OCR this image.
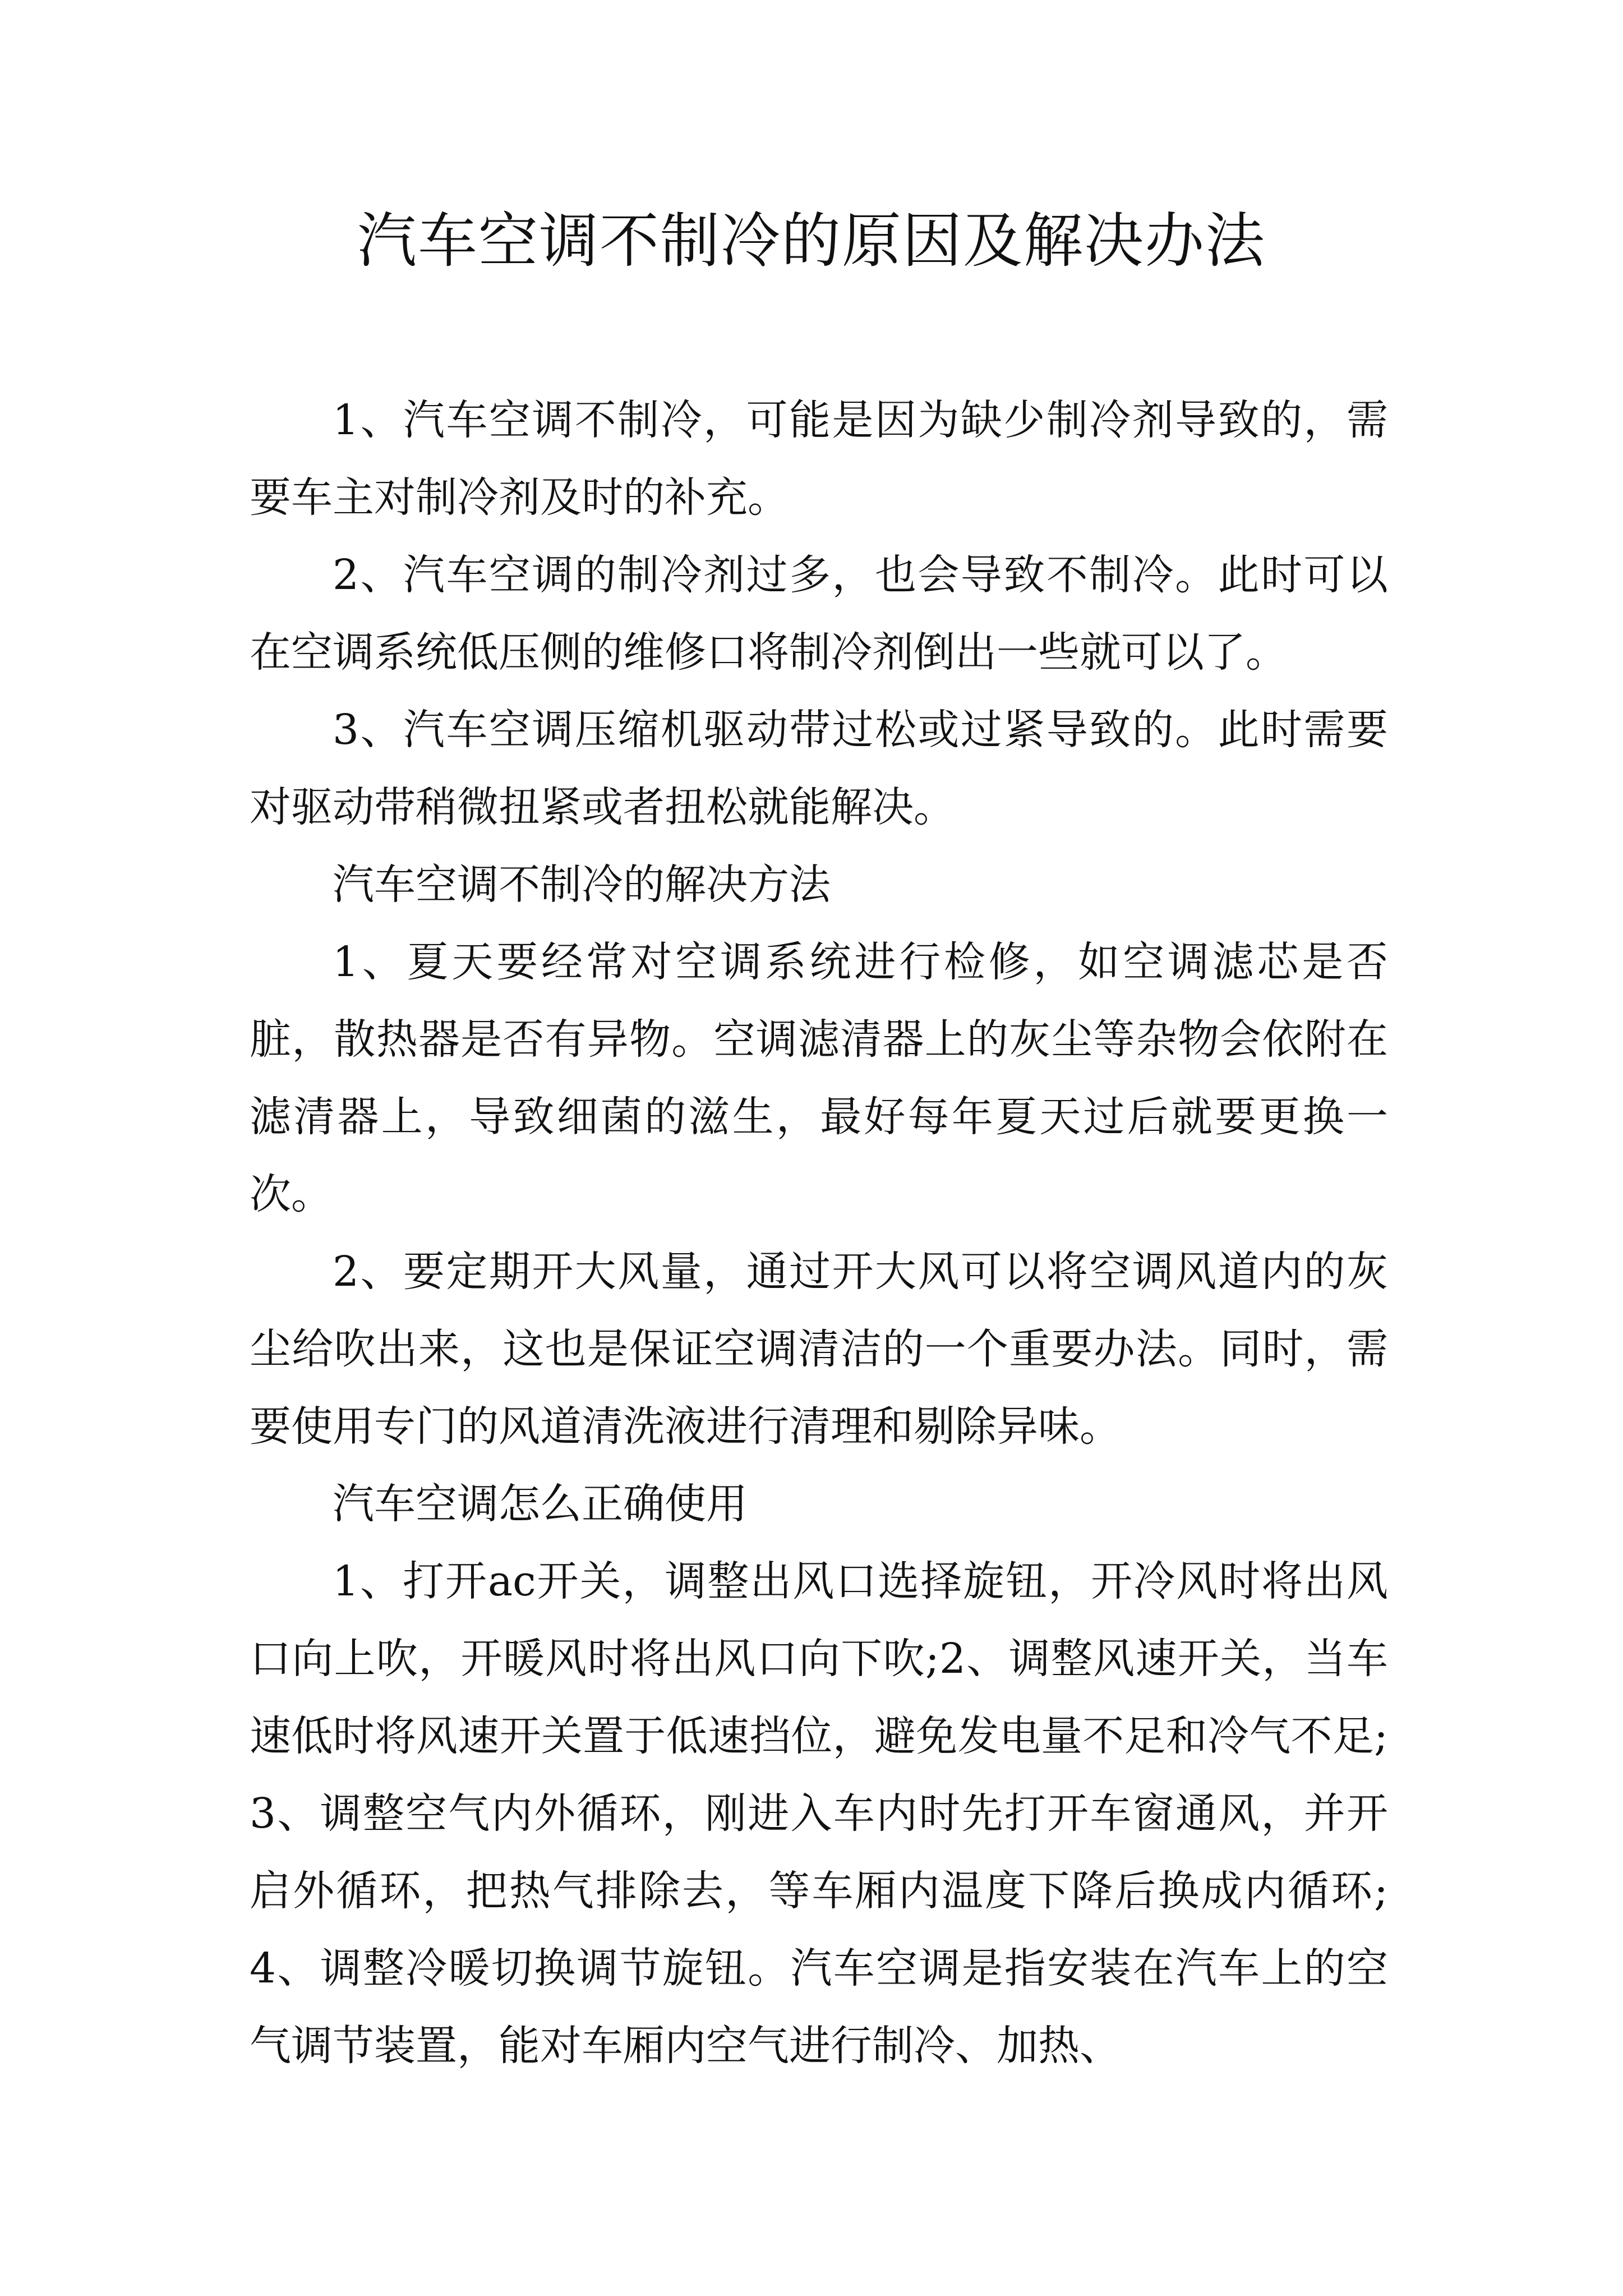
汽车空调不制冷的原因及解决办法

1、汽车空调不制冷，可能是因为缺少制冷剂导致的，需要车主对制冷剂及时的补充。

2、汽车空调的制冷剂过多，也会导致不制冷。此时可以在空调系统低压侧的维修口将制冷剂倒出一些就可以了。

3、汽车空调压缩机驱动带过松或过紧导致的。此时需要对驱动带稍微扭紧或者扭松就能解决。

汽车空调不制冷的解决方法

1、夏天要经常对空调系统进行检修，如空调滤芯是否脏，散热器是否有异物。空调滤清器上的灰尘等杂物会依附在滤清器上，导致细菌的滋生，最好每年夏天过后就要更换一次。

2、要定期开大风量，通过开大风可以将空调风道内的灰尘给吹出来，这也是保证空调清洁的一个重要办法。同时，需要使用专门的风道清洗液进行清理和剔除异味。

汽车空调怎么正确使用

1、打开ac开关，调整出风口选择旋钮，开冷风时将出风口向上吹，开暖风时将出风口向下吹;2、调整风速开关，当车速低时将风速开关置于低速挡位，避免发电量不足和冷气不足;3、调整空气内外循环，刚进入车内时先打开车窗通风，并开启外循环，把热气排除去，等车厢内温度下降后换成内循环;4、调整冷暖切换调节旋钮。汽车空调是指安装在汽车上的空气调节装置，能对车厢内空气进行制冷、加热、
